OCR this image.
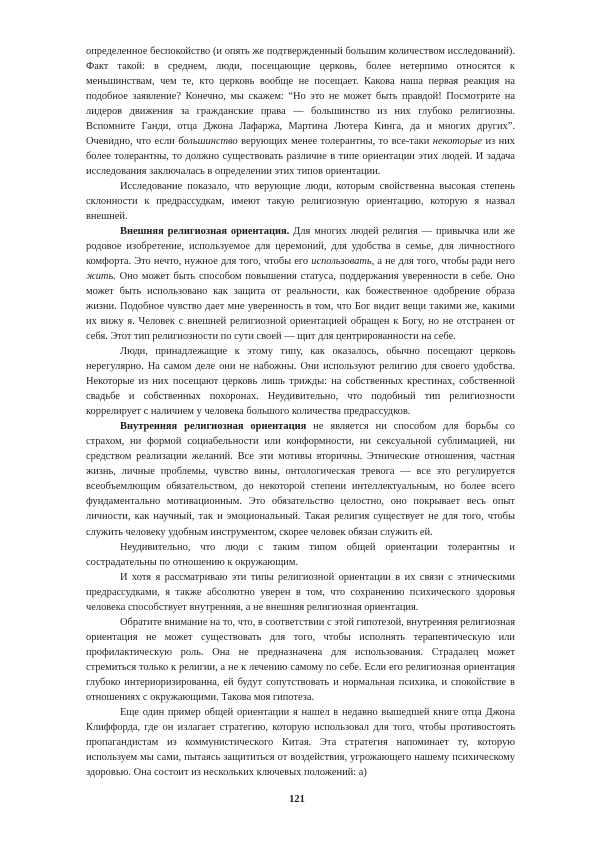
определенное беспокойство (и опять же подтвержденный большим количеством исследований). Факт такой: в среднем, люди, посещающие церковь, более нетерпимо относятся к меньшинствам, чем те, кто церковь вообще не посещает. Какова наша первая реакция на подобное заявление? Конечно, мы скажем: “Но это не может быть правдой! Посмотрите на лидеров движения за гражданские права — большинство из них глубоко религиозны. Вспомните Ганди, отца Джона Лафаржа, Мартина Лютера Кинга, да и многих других”. Очевидно, что если большинство верующих менее толерантны, то все-таки некоторые из них более толерантны, то должно существовать различие в типе ориентации этих людей. И задача исследования заключалась в определении этих типов ориентации.

Исследование показало, что верующие люди, которым свойственна высокая степень склонности к предрассудкам, имеют такую религиозную ориентацию, которую я назвал внешней.

Внешняя религиозная ориентация. Для многих людей религия — привычка или же родовое изобретение, используемое для церемоний, для удобства в семье, для личностного комфорта. Это нечто, нужное для того, чтобы его использовать, а не для того, чтобы ради него жить. Оно может быть способом повышения статуса, поддержания уверенности в себе. Оно может быть использовано как защита от реальности, как божественное одобрение образа жизни. Подобное чувство дает мне уверенность в том, что Бог видит вещи такими же, какими их вижу я. Человек с внешней религиозной ориентацией обращен к Богу, но не отстранен от себя. Этот тип религиозности по сути своей — щит для центрированности на себе.

Люди, принадлежащие к этому типу, как оказалось, обычно посещают церковь нерегулярно. На самом деле они не набожны. Они используют религию для своего удобства. Некоторые из них посещают церковь лишь трижды: на собственных крестинах, собственной свадьбе и собственных похоронах. Неудивительно, что подобный тип религиозности коррелирует с наличием у человека большого количества предрассудков.

Внутренняя религиозная ориентация не является ни способом для борьбы со страхом, ни формой социабельности или конформности, ни сексуальной сублимацией, ни средством реализации желаний. Все эти мотивы вторичны. Этнические отношения, частная жизнь, личные проблемы, чувство вины, онтологическая тревога — все это регулируется всеобъемлющим обязательством, до некоторой степени интеллектуальным, но более всего фундаментально мотивационным. Это обязательство целостно, оно покрывает весь опыт личности, как научный, так и эмоциональный. Такая религия существует не для того, чтобы служить человеку удобным инструментом, скорее человек обязан служить ей.

Неудивительно, что люди с таким типом общей ориентации толерантны и сострадательны по отношению к окружающим.

И хотя я рассматриваю эти типы религиозной ориентации в их связи с этническими предрассудками, я также абсолютно уверен в том, что сохранению психического здоровья человека способствует внутренняя, а не внешняя религиозная ориентация.

Обратите внимание на то, что, в соответствии с этой гипотезой, внутренняя религиозная ориентация не может существовать для того, чтобы исполнять терапевтическую или профилактическую роль. Она не предназначена для использования. Страдалец может стремиться только к религии, а не к лечению самому по себе. Если его религиозная ориентация глубоко интериоризированна, ей будут сопутствовать и нормальная психика, и спокойствие в отношениях с окружающими. Такова моя гипотеза.

Еще один пример общей ориентации я нашел в недавно вышедшей книге отца Джона Клиффорда, где он излагает стратегию, которую использовал для того, чтобы противостоять пропагандистам из коммунистического Китая. Эта стратегия напоминает ту, которую используем мы сами, пытаясь защититься от воздействия, угрожающего нашему психическому здоровью. Она состоит из нескольких ключевых положений: а)

121
